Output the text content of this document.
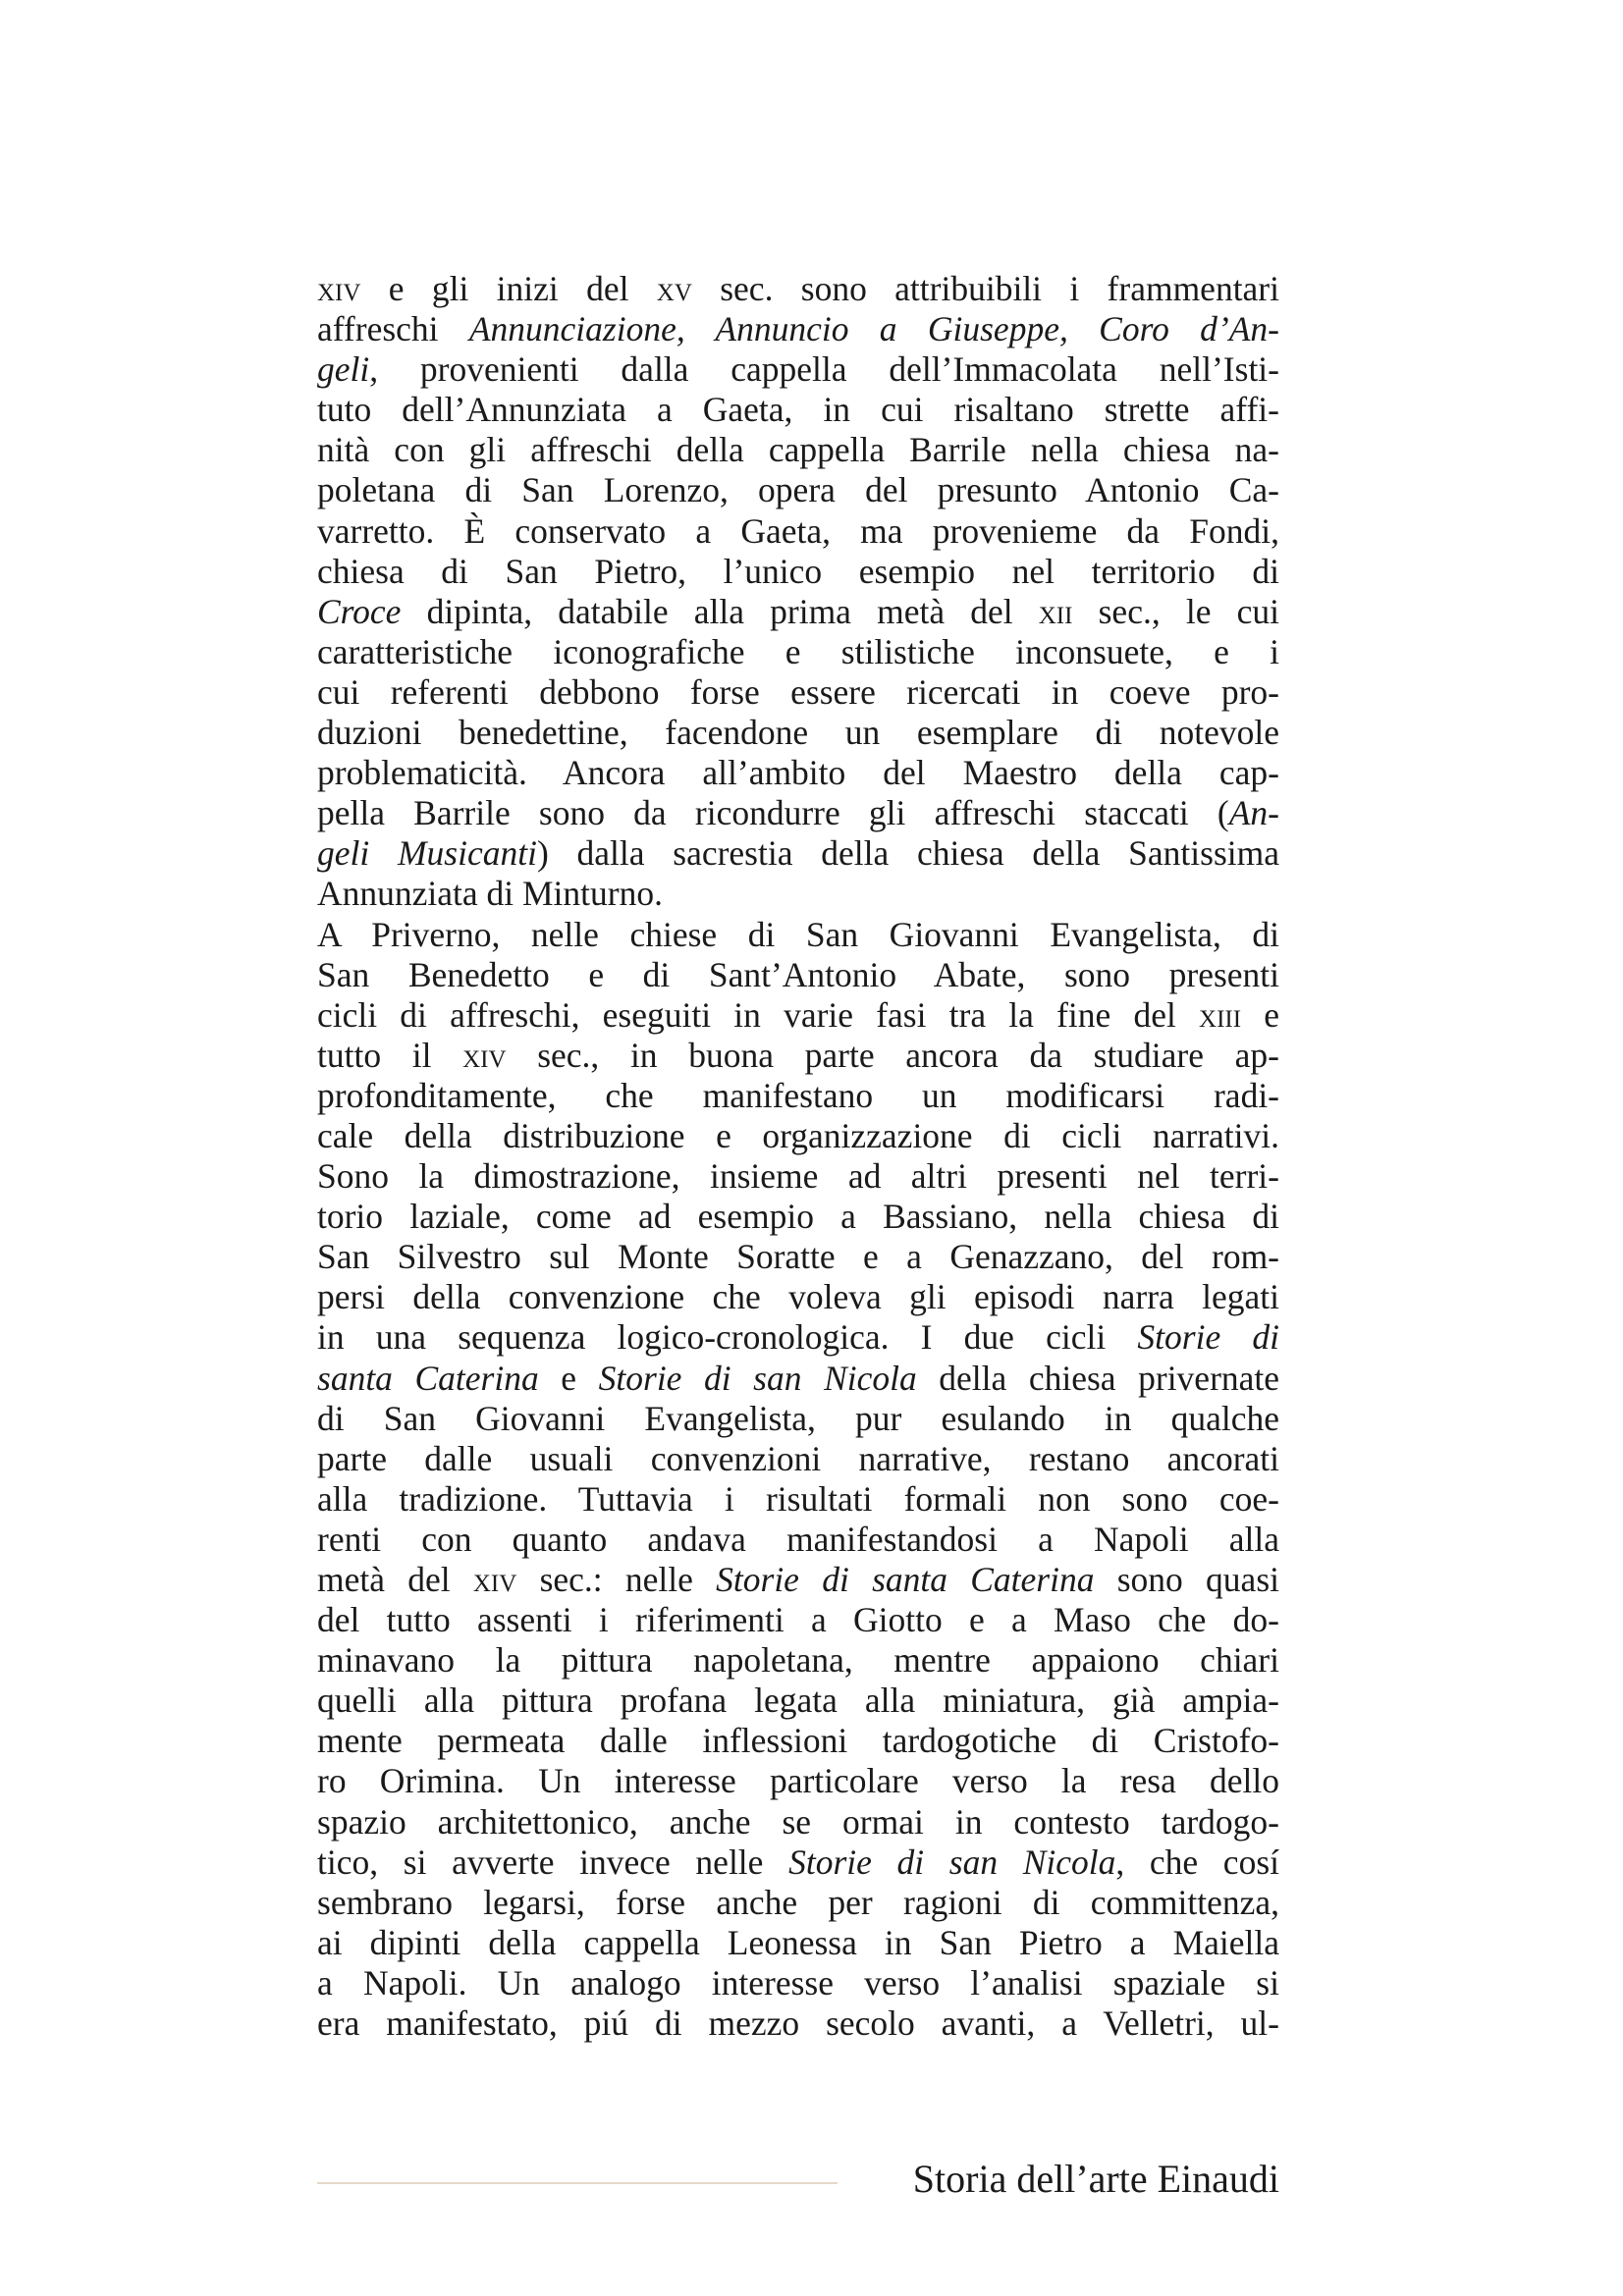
xiv e gli inizi del xv sec. sono attribuibili i frammentari
affreschi Annunciazione, Annuncio a Giuseppe, Coro d’An-
geli, provenienti dalla cappella dell’Immacolata nell’Isti-
tuto dell’Annunziata a Gaeta, in cui risaltano strette affi-
nità con gli affreschi della cappella Barrile nella chiesa na-
poletana di San Lorenzo, opera del presunto Antonio Ca-
varretto. È conservato a Gaeta, ma provenieme da Fondi,
chiesa di San Pietro, l’unico esempio nel territorio di
Croce dipinta, databile alla prima metà del xii sec., le cui
caratteristiche iconografiche e stilistiche inconsuete, e i
cui referenti debbono forse essere ricercati in coeve pro-
duzioni benedettine, facendone un esemplare di notevole
problematicità. Ancora all’ambito del Maestro della cap-
pella Barrile sono da ricondurre gli affreschi staccati (An-
geli Musicanti) dalla sacrestia della chiesa della Santissima
Annunziata di Minturno.
A Priverno, nelle chiese di San Giovanni Evangelista, di
San Benedetto e di Sant’Antonio Abate, sono presenti
cicli di affreschi, eseguiti in varie fasi tra la fine del xiii e
tutto il xiv sec., in buona parte ancora da studiare ap-
profonditamente, che manifestano un modificarsi radi-
cale della distribuzione e organizzazione di cicli narrativi.
Sono la dimostrazione, insieme ad altri presenti nel terri-
torio laziale, come ad esempio a Bassiano, nella chiesa di
San Silvestro sul Monte Soratte e a Genazzano, del rom-
persi della convenzione che voleva gli episodi narra legati
in una sequenza logico-cronologica. I due cicli Storie di
santa Caterina e Storie di san Nicola della chiesa privernate
di San Giovanni Evangelista, pur esulando in qualche
parte dalle usuali convenzioni narrative, restano ancorati
alla tradizione. Tuttavia i risultati formali non sono coe-
renti con quanto andava manifestandosi a Napoli alla
metà del xiv sec.: nelle Storie di santa Caterina sono quasi
del tutto assenti i riferimenti a Giotto e a Maso che do-
minavano la pittura napoletana, mentre appaiono chiari
quelli alla pittura profana legata alla miniatura, già ampia-
mente permeata dalle inflessioni tardogotiche di Cristofo-
ro Orimina. Un interesse particolare verso la resa dello
spazio architettonico, anche se ormai in contesto tardogo-
tico, si avverte invece nelle Storie di san Nicola, che cosí
sembrano legarsi, forse anche per ragioni di committenza,
ai dipinti della cappella Leonessa in San Pietro a Maiella
a Napoli. Un analogo interesse verso l’analisi spaziale si
era manifestato, piú di mezzo secolo avanti, a Velletri, ul-
Storia dell’arte Einaudi
